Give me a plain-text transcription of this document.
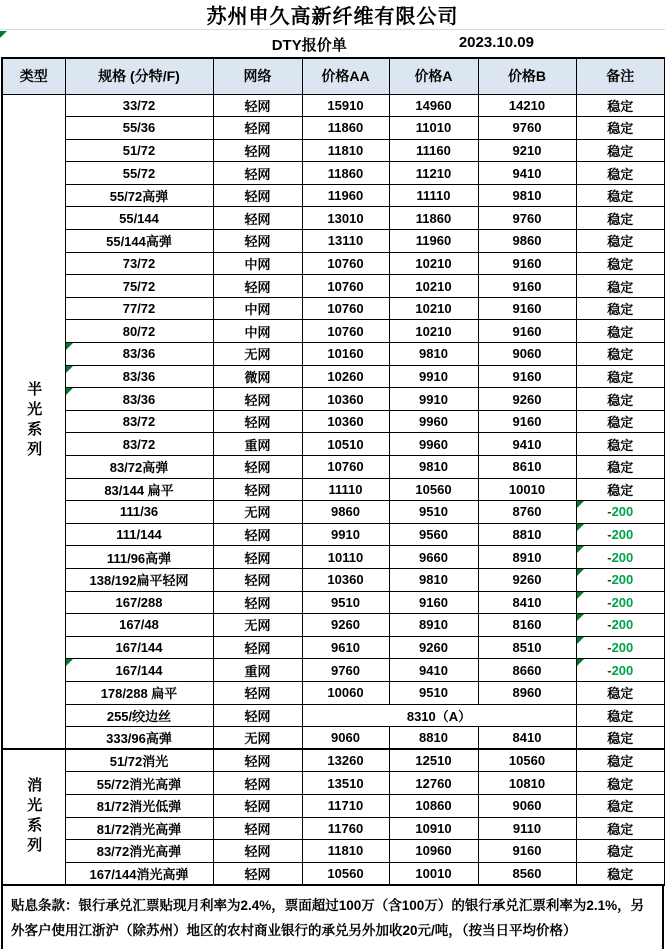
苏州申久高新纤维有限公司
DTY报价单	2023.10.09
类型	规格 (分特/F)	网络	价格AA	价格A	价格B	备注
半光系列	33/72	轻网	15910	14960	14210	稳定
	55/36	轻网	11860	11010	9760	稳定
	51/72	轻网	11810	11160	9210	稳定
	55/72	轻网	11860	11210	9410	稳定
	55/72高弹	轻网	11960	11110	9810	稳定
	55/144	轻网	13010	11860	9760	稳定
	55/144高弹	轻网	13110	11960	9860	稳定
	73/72	中网	10760	10210	9160	稳定
	75/72	轻网	10760	10210	9160	稳定
	77/72	中网	10760	10210	9160	稳定
	80/72	中网	10760	10210	9160	稳定
	83/36	无网	10160	9810	9060	稳定
	83/36	微网	10260	9910	9160	稳定
	83/36	轻网	10360	9910	9260	稳定
	83/72	轻网	10360	9960	9160	稳定
	83/72	重网	10510	9960	9410	稳定
	83/72高弹	轻网	10760	9810	8610	稳定
	83/144 扁平	轻网	11110	10560	10010	稳定
	111/36	无网	9860	9510	8760	-200
	111/144	轻网	9910	9560	8810	-200
	111/96高弹	轻网	10110	9660	8910	-200
	138/192扁平轻网	轻网	10360	9810	9260	-200
	167/288	轻网	9510	9160	8410	-200
	167/48	无网	9260	8910	8160	-200
	167/144	轻网	9610	9260	8510	-200
	167/144	重网	9760	9410	8660	-200
	178/288 扁平	轻网	10060	9510	8960	稳定
	255/绞边丝	轻网	8310（A）			稳定
	333/96高弹	无网	9060	8810	8410	稳定
消光系列	51/72消光	轻网	13260	12510	10560	稳定
	55/72消光高弹	轻网	13510	12760	10810	稳定
	81/72消光低弹	轻网	11710	10860	9060	稳定
	81/72消光高弹	轻网	11760	10910	9110	稳定
	83/72消光高弹	轻网	11810	10960	9160	稳定
	167/144消光高弹	轻网	10560	10010	8560	稳定
贴息条款：银行承兑汇票贴现月利率为2.4%，票面超过100万（含100万）的银行承兑汇票利率为2.1%，另外客户使用江浙沪（除苏州）地区的农村商业银行的承兑另外加收20元/吨，（按当日平均价格）
